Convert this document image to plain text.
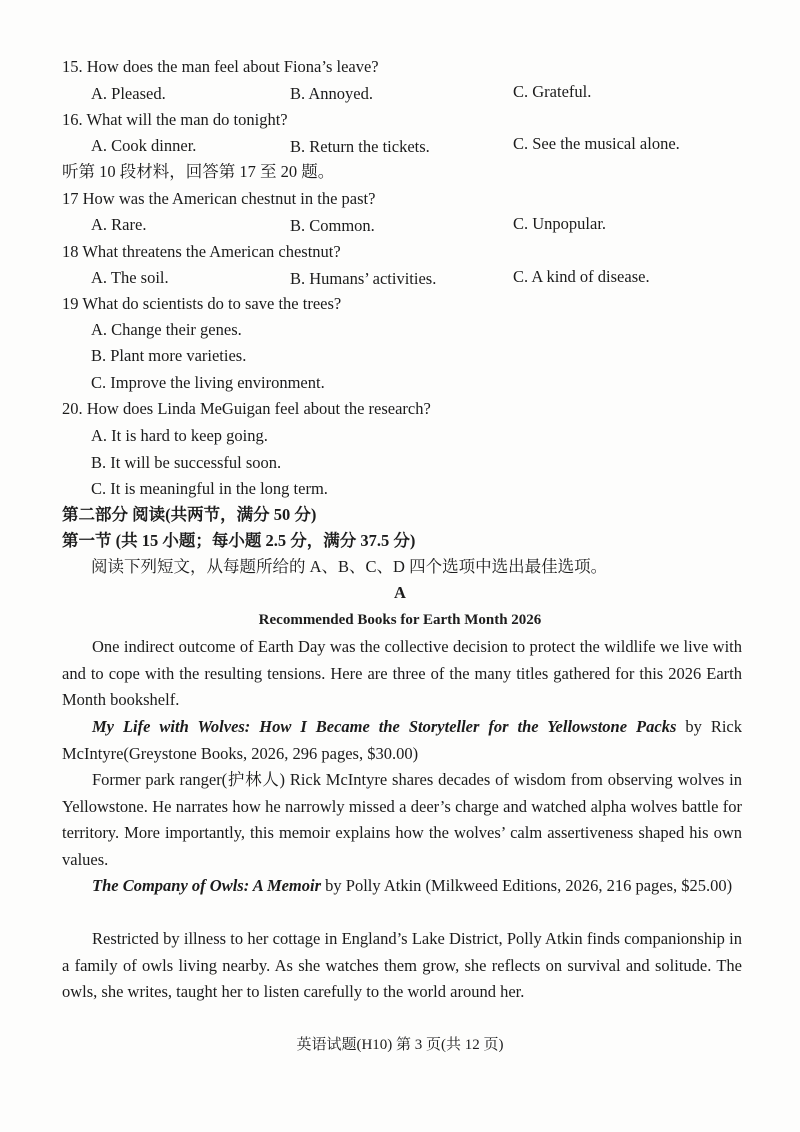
15. How does the man feel about Fiona’s leave?
A. Pleased.	B. Annoyed.	C. Grateful.
16. What will the man do tonight?
A. Cook dinner.	B. Return the tickets.	C. See the musical alone.
听第 10 段材料，回答第 17 至 20 题。
17 How was the American chestnut in the past?
A. Rare.	B. Common.	C. Unpopular.
18 What threatens the American chestnut?
A. The soil.	B. Humans’ activities.	C. A kind of disease.
19 What do scientists do to save the trees?
A. Change their genes.
B. Plant more varieties.
C. Improve the living environment.
20. How does Linda MeGuigan feel about the research?
A. It is hard to keep going.
B. It will be successful soon.
C. It is meaningful in the long term.
第二部分 阅读(共两节，满分 50 分)
第一节 (共 15 小题；每小题 2.5 分，满分 37.5 分)
阅读下列短文，从每题所给的 A、B、C、D 四个选项中选出最佳选项。
A
Recommended Books for Earth Month 2026

One indirect outcome of Earth Day was the collective decision to protect the wildlife we live with and to cope with the resulting tensions. Here are three of the many titles gathered for this 2026 Earth Month bookshelf.

My Life with Wolves: How I Became the Storyteller for the Yellowstone Packs by Rick McIntyre(Greystone Books, 2026, 296 pages, $30.00)

Former park ranger(护林人) Rick McIntyre shares decades of wisdom from observing wolves in Yellowstone. He narrates how he narrowly missed a deer’s charge and watched alpha wolves battle for territory. More importantly, this memoir explains how the wolves’ calm assertiveness shaped his own values.

The Company of Owls: A Memoir by Polly Atkin (Milkweed Editions, 2026, 216 pages, $25.00)

Restricted by illness to her cottage in England’s Lake District, Polly Atkin finds companionship in a family of owls living nearby. As she watches them grow, she reflects on survival and solitude. The owls, she writes, taught her to listen carefully to the world around her.

英语试题(H10) 第 3 页(共 12 页)
